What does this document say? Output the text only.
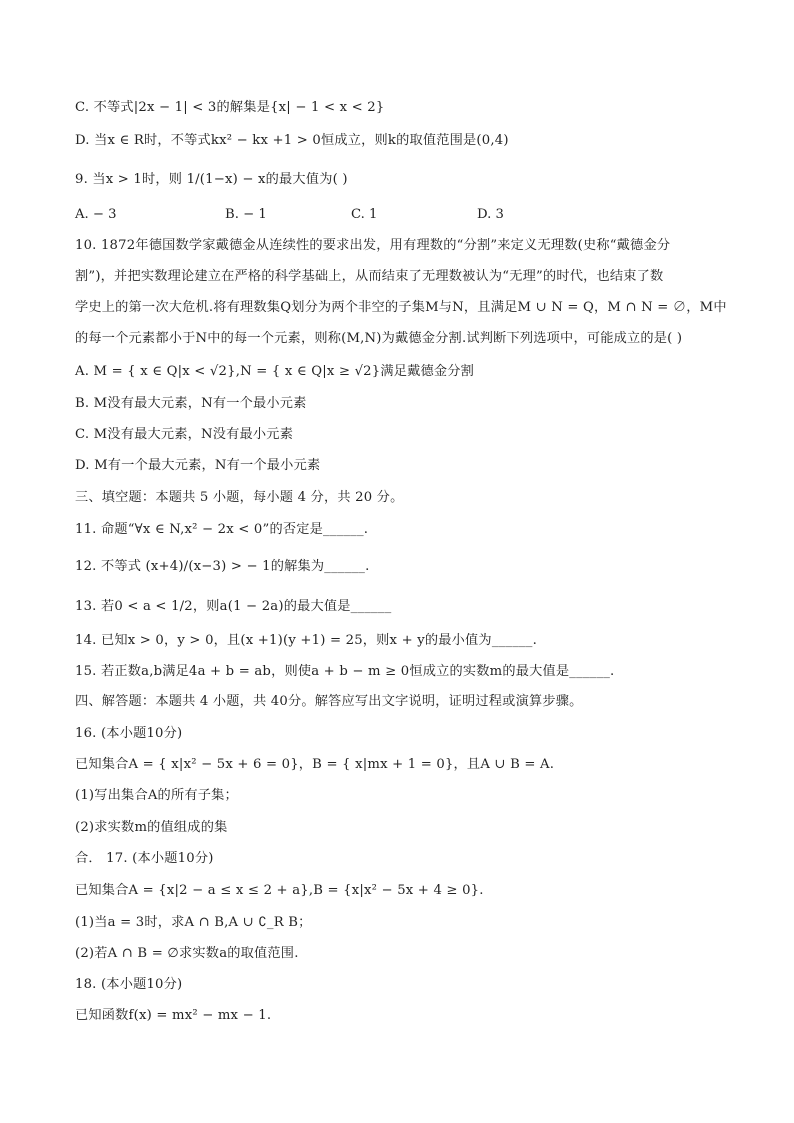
C. 不等式|2x − 1| < 3的解集是{x| − 1 < x < 2}
D. 当x ∈ R时，不等式kx² − kx +1 > 0恒成立，则k的取值范围是(0,4)
9. 当x > 1时，则 1/(1−x) − x的最大值为( )
A. − 3	B. − 1	C. 1	D. 3
10. 1872年德国数学家戴德金从连续性的要求出发，用有理数的“分割”来定义无理数(史称“戴德金分
割”)，并把实数理论建立在严格的科学基础上，从而结束了无理数被认为“无理”的时代，也结束了数
学史上的第一次大危机.将有理数集Q划分为两个非空的子集M与N，且满足M ∪ N = Q，M ∩ N = ∅，M中
的每一个元素都小于N中的每一个元素，则称(M,N)为戴德金分割.试判断下列选项中，可能成立的是( )
A. M = { x ∈ Q|x < √2},N = { x ∈ Q|x ≥ √2}满足戴德金分割
B. M没有最大元素，N有一个最小元素
C. M没有最大元素，N没有最小元素
D. M有一个最大元素，N有一个最小元素
三、填空题：本题共 5 小题，每小题 4 分，共 20 分。
11. 命题“∀x ∈ N,x² − 2x < 0”的否定是______.
12. 不等式 (x+4)/(x−3) > − 1的解集为______.
13. 若0 < a < 1/2，则a(1 − 2a)的最大值是______
14. 已知x > 0，y > 0，且(x +1)(y +1) = 25，则x + y的最小值为______.
15. 若正数a,b满足4a + b = ab，则使a + b − m ≥ 0恒成立的实数m的最大值是______.
四、解答题：本题共 4 小题，共 40分。解答应写出文字说明，证明过程或演算步骤。
16. (本小题10分)
已知集合A = { x|x² − 5x + 6 = 0}，B = { x|mx + 1 = 0}，且A ∪ B = A.
(1)写出集合A的所有子集；
(2)求实数m的值组成的集
合． 17. (本小题10分)
已知集合A = {x|2 − a ≤ x ≤ 2 + a},B = {x|x² − 5x + 4 ≥ 0}.
(1)当a = 3时，求A ∩ B,A ∪ ∁_R B；
(2)若A ∩ B = ∅求实数a的取值范围.
18. (本小题10分)
已知函数f(x) = mx² − mx − 1.
